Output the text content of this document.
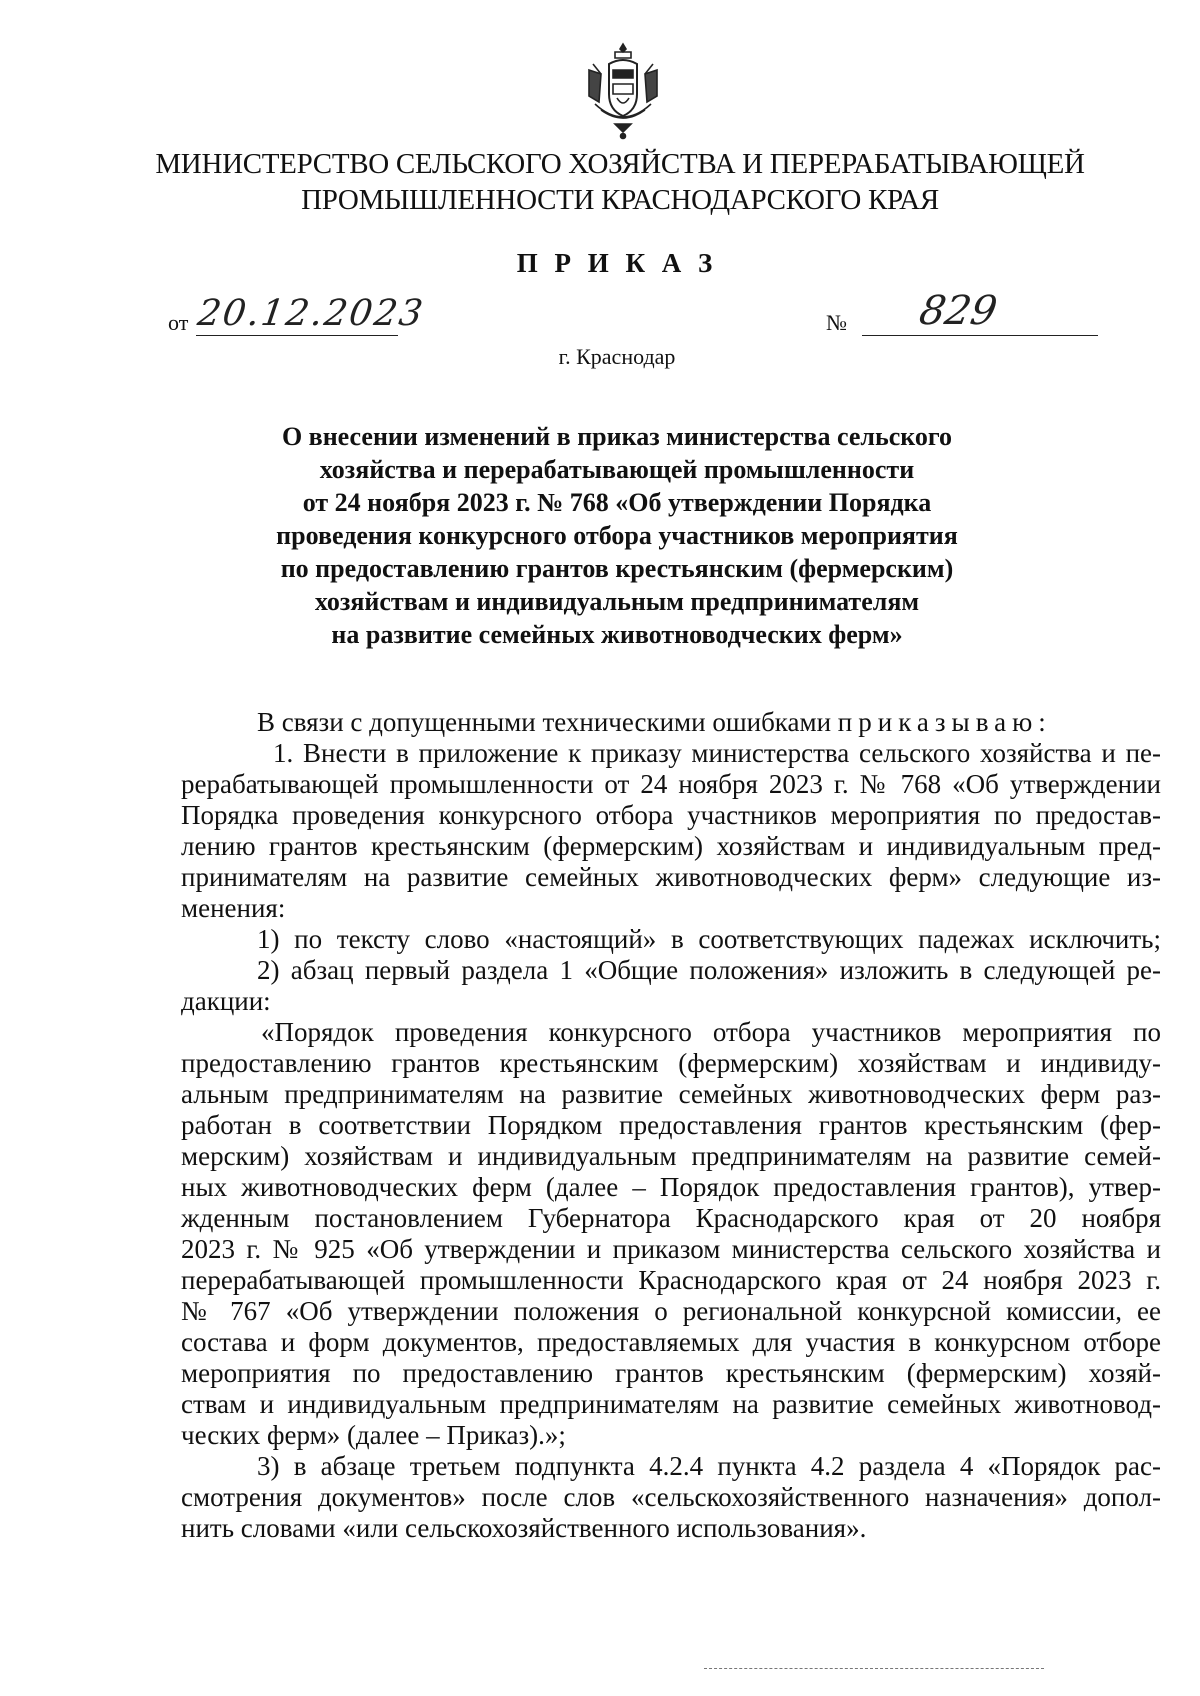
МИНИСТЕРСТВО СЕЛЬСКОГО ХОЗЯЙСТВА И ПЕРЕРАБАТЫВАЮЩЕЙ
ПРОМЫШЛЕННОСТИ КРАСНОДАРСКОГО КРАЯ
П Р И К А З
от 20.12.2023	№ 829
г. Краснодар
О внесении изменений в приказ министерства сельского
хозяйства и перерабатывающей промышленности
от 24 ноября 2023 г. № 768 «Об утверждении Порядка
проведения конкурсного отбора участников мероприятия
по предоставлению грантов крестьянским (фермерским)
хозяйствам и индивидуальным предпринимателям
на развитие семейных животноводческих ферм»

В связи с допущенными техническими ошибками приказываю:

1. Внести в приложение к приказу министерства сельского хозяйства и пе-

рерабатывающей промышленности от 24 ноября 2023 г. № 768 «Об утверждении

Порядка проведения конкурсного отбора участников мероприятия по предостав-

лению грантов крестьянским (фермерским) хозяйствам и индивидуальным пред-

принимателям на развитие семейных животноводческих ферм» следующие из-

менения:

1) по тексту слово «настоящий» в соответствующих падежах исключить;

2) абзац первый раздела 1 «Общие положения» изложить в следующей ре-

дакции:

«Порядок проведения конкурсного отбора участников мероприятия по

предоставлению грантов крестьянским (фермерским) хозяйствам и индивиду-

альным предпринимателям на развитие семейных животноводческих ферм раз-

работан в соответствии Порядком предоставления грантов крестьянским (фер-

мерским) хозяйствам и индивидуальным предпринимателям на развитие семей-

ных животноводческих ферм (далее – Порядок предоставления грантов), утвер-

жденным постановлением Губернатора Краснодарского края от 20 ноября

2023 г. № 925 «Об утверждении и приказом министерства сельского хозяйства и

перерабатывающей промышленности Краснодарского края от 24 ноября 2023 г.

№ 767 «Об утверждении положения о региональной конкурсной комиссии, ее

состава и форм документов, предоставляемых для участия в конкурсном отборе

мероприятия по предоставлению грантов крестьянским (фермерским) хозяй-

ствам и индивидуальным предпринимателям на развитие семейных животновод-

ческих ферм» (далее – Приказ).»;

3) в абзаце третьем подпункта 4.2.4 пункта 4.2 раздела 4 «Порядок рас-

смотрения документов» после слов «сельскохозяйственного назначения» допол-

нить словами «или сельскохозяйственного использования».
